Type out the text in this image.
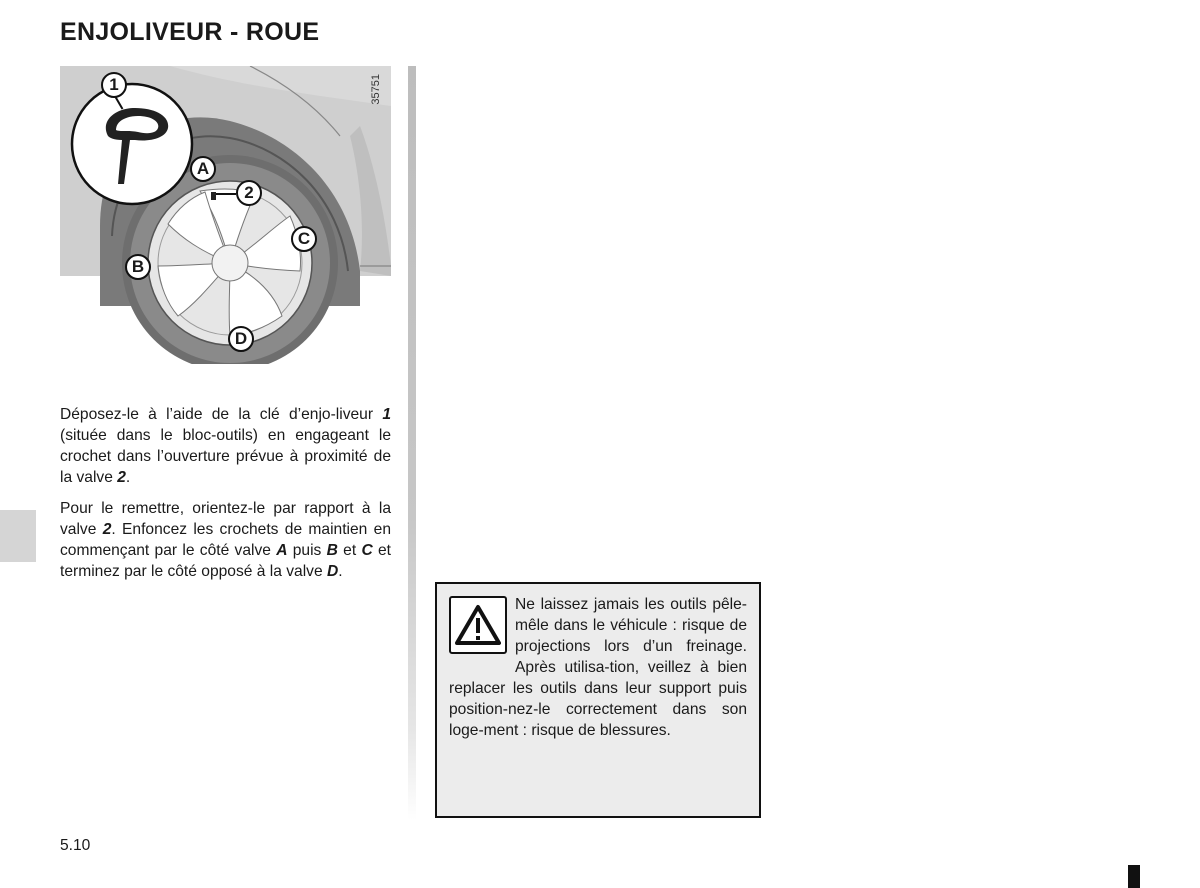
ENJOLIVEUR - ROUE
1
A
2
C
B
D
35751

Déposez-le à l’aide de la clé d’enjo-liveur 1 (située dans le bloc-outils) en engageant le crochet dans l’ouverture prévue à proximité de la valve 2.

Pour le remettre, orientez-le par rapport à la valve 2. Enfoncez les crochets de maintien en commençant par le côté valve A puis B et C et terminez par le côté opposé à la valve D.

Ne laissez jamais les outils pêle-mêle dans le véhicule : risque de projections lors d’un freinage. Après utilisa-tion, veillez à bien replacer les outils dans leur support puis position-nez-le correctement dans son loge-ment : risque de blessures.
5.10
